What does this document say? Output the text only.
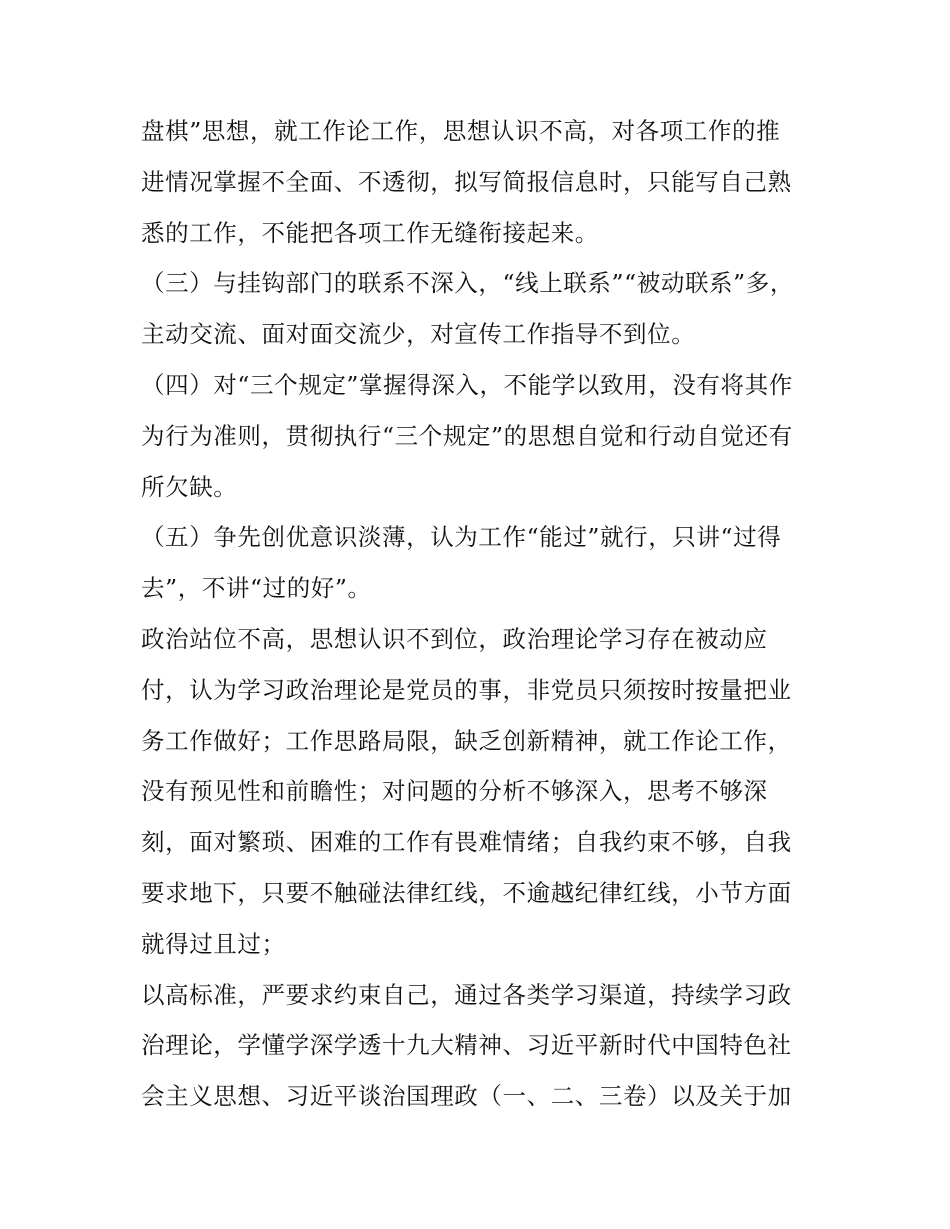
盘棋”思想，就工作论工作，思想认识不高，对各项工作的推
进情况掌握不全面、不透彻，拟写简报信息时，只能写自己熟
悉的工作，不能把各项工作无缝衔接起来。
（三）与挂钩部门的联系不深入，“线上联系”“被动联系”多，
主动交流、面对面交流少，对宣传工作指导不到位。
（四）对“三个规定”掌握得深入，不能学以致用，没有将其作
为行为准则，贯彻执行“三个规定”的思想自觉和行动自觉还有
所欠缺。
（五）争先创优意识淡薄，认为工作“能过”就行，只讲“过得
去”，不讲“过的好”。
政治站位不高，思想认识不到位，政治理论学习存在被动应
付，认为学习政治理论是党员的事，非党员只须按时按量把业
务工作做好；工作思路局限，缺乏创新精神，就工作论工作，
没有预见性和前瞻性；对问题的分析不够深入，思考不够深
刻，面对繁琐、困难的工作有畏难情绪；自我约束不够，自我
要求地下，只要不触碰法律红线，不逾越纪律红线，小节方面
就得过且过；
以高标准，严要求约束自己，通过各类学习渠道，持续学习政
治理论，学懂学深学透十九大精神、习近平新时代中国特色社
会主义思想、习近平谈治国理政（一、二、三卷）以及关于加
